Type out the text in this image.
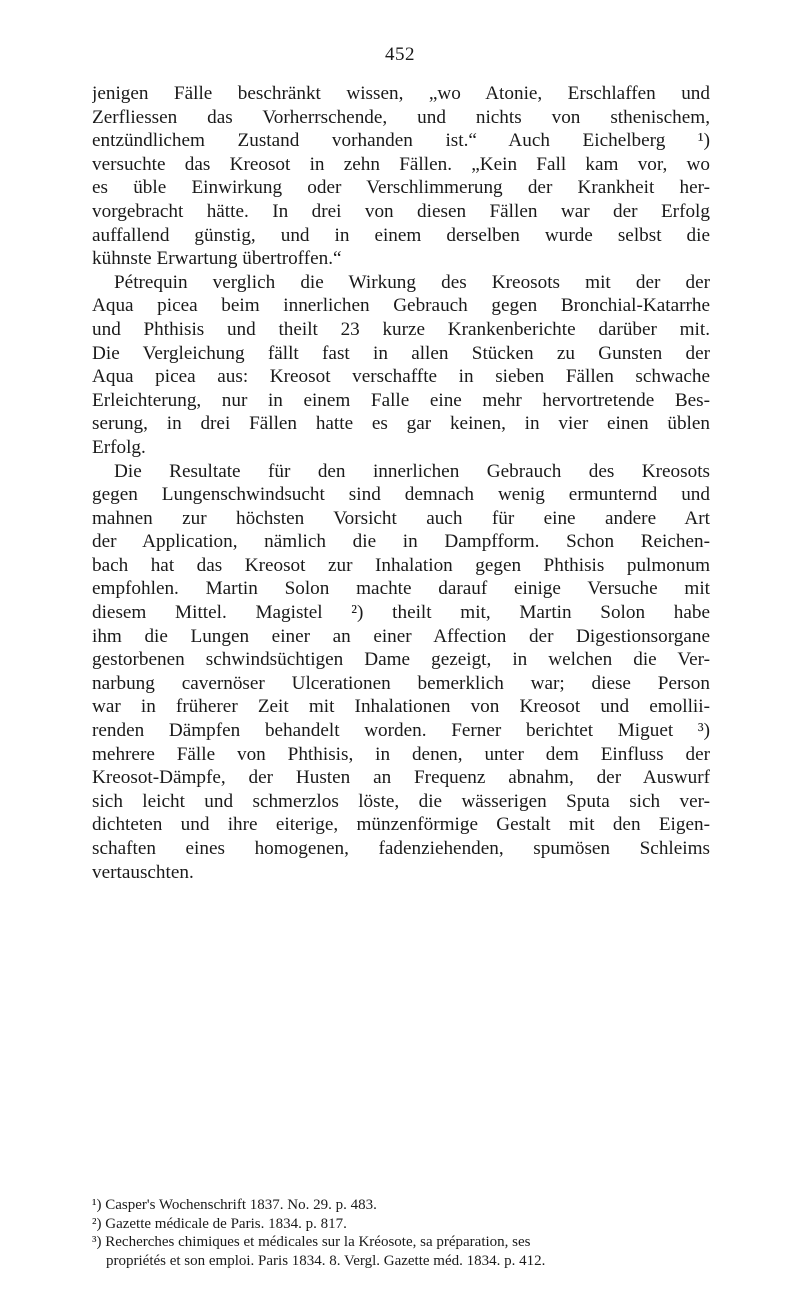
452
jenigen Fälle beschränkt wissen, „wo Atonie, Erschlaffen und
Zerfliessen das Vorherrschende, und nichts von sthenischem,
entzündlichem Zustand vorhanden ist.“ Auch Eichelberg ¹)
versuchte das Kreosot in zehn Fällen. „Kein Fall kam vor, wo
es üble Einwirkung oder Verschlimmerung der Krankheit her-
vorgebracht hätte. In drei von diesen Fällen war der Erfolg
auffallend günstig, und in einem derselben wurde selbst die
kühnste Erwartung übertroffen.“
Pétrequin verglich die Wirkung des Kreosots mit der der
Aqua picea beim innerlichen Gebrauch gegen Bronchial-Katarrhe
und Phthisis und theilt 23 kurze Krankenberichte darüber mit.
Die Vergleichung fällt fast in allen Stücken zu Gunsten der
Aqua picea aus: Kreosot verschaffte in sieben Fällen schwache
Erleichterung, nur in einem Falle eine mehr hervortretende Bes-
serung, in drei Fällen hatte es gar keinen, in vier einen üblen
Erfolg.
Die Resultate für den innerlichen Gebrauch des Kreosots
gegen Lungenschwindsucht sind demnach wenig ermunternd und
mahnen zur höchsten Vorsicht auch für eine andere Art
der Application, nämlich die in Dampfform. Schon Reichen-
bach hat das Kreosot zur Inhalation gegen Phthisis pulmonum
empfohlen. Martin Solon machte darauf einige Versuche mit
diesem Mittel. Magistel ²) theilt mit, Martin Solon habe
ihm die Lungen einer an einer Affection der Digestionsorgane
gestorbenen schwindsüchtigen Dame gezeigt, in welchen die Ver-
narbung cavernöser Ulcerationen bemerklich war; diese Person
war in früherer Zeit mit Inhalationen von Kreosot und emollii-
renden Dämpfen behandelt worden. Ferner berichtet Miguet ³)
mehrere Fälle von Phthisis, in denen, unter dem Einfluss der
Kreosot-Dämpfe, der Husten an Frequenz abnahm, der Auswurf
sich leicht und schmerzlos löste, die wässerigen Sputa sich ver-
dichteten und ihre eiterige, münzenförmige Gestalt mit den Eigen-
schaften eines homogenen, fadenziehenden, spumösen Schleims
vertauschten.
¹) Casper's Wochenschrift 1837. No. 29. p. 483.
²) Gazette médicale de Paris. 1834. p. 817.
³) Recherches chimiques et médicales sur la Kréosote, sa préparation, ses
propriétés et son emploi. Paris 1834. 8. Vergl. Gazette méd. 1834. p. 412.
